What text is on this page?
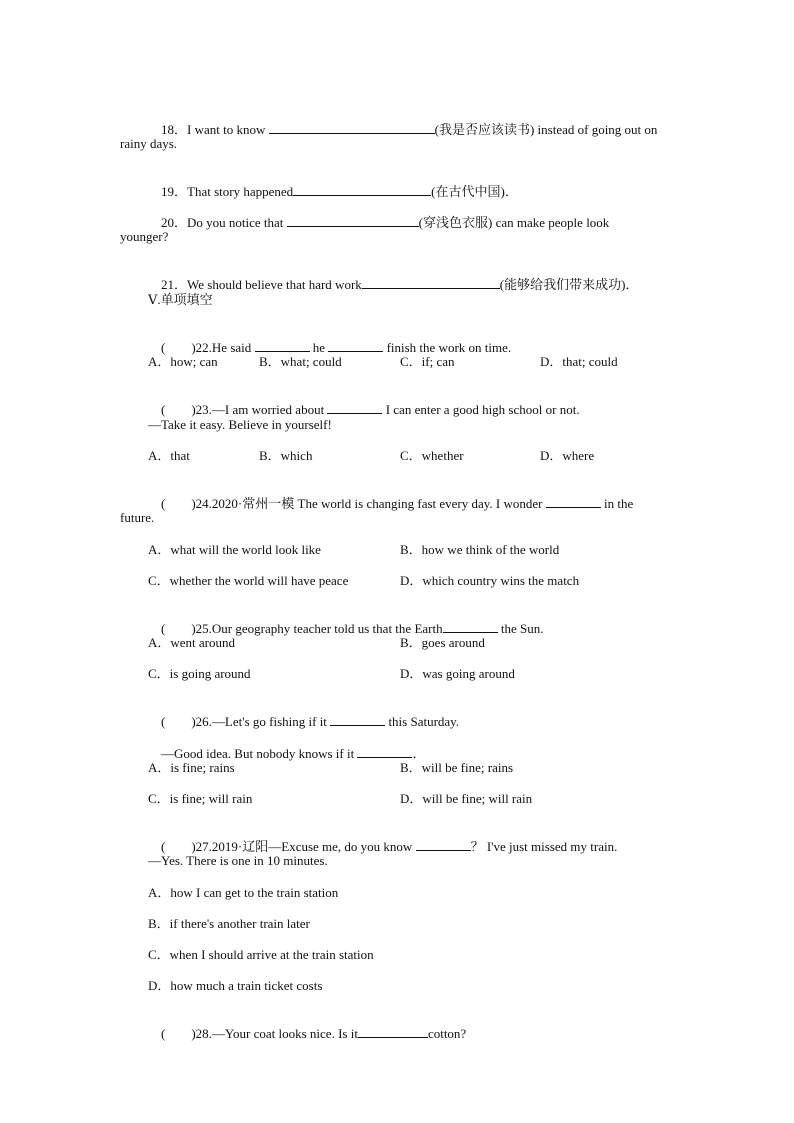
18．I want to know	(我是否应该读书) instead of going out on

rainy days.

19．That story happened	(在古代中国)．

20．Do you notice that	(穿浅色衣服) can make people look

younger?

21．We should believe that hard work	(能够给我们带来成功)．

Ⅴ.单项填空

(　　)22.He said	he	finish the work on time.

A．how; can	B．what; could	C．if; can	D．that; could

(　　)23.—I am worried about	I can enter a good high school or not.

—Take it easy. Believe in yourself!
A．that	B．which	C．whether	D．where

(　　)24.2020·常州一模 The world is changing fast every day. I wonder	in the

future.
A．what will the world look like	B．how we think of the world
C．whether the world will have peace	D．which country wins the match

(　　)25.Our geography teacher told us that the Earth	the Sun.

A．went around	B．goes around
C．is going around	D．was going around

(　　)26.—Let's go fishing if it	this Saturday.

—Good idea. But nobody knows if it	．

A．is fine; rains	B．will be fine; rains
C．is fine; will rain	D．will be fine; will rain

(　　)27.2019·辽阳—Excuse me, do you know	？ I've just missed my train.

—Yes. There is one in 10 minutes.
A．how I can get to the train station
B．if there's another train later
C．when I should arrive at the train station
D．how much a train ticket costs

(　　)28.—Your coat looks nice. Is it	cotton?
